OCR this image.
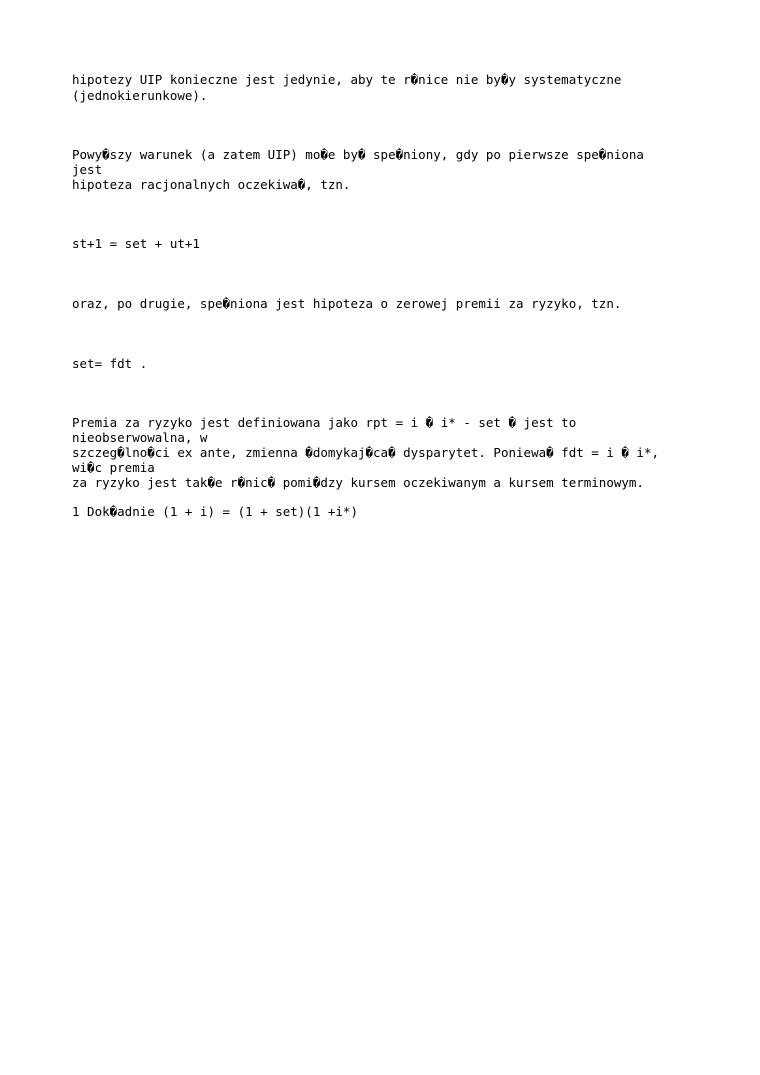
hipotezy UIP konieczne jest jedynie, aby te r�nice nie by�y systematyczne

(jednokierunkowe).

Powy�szy warunek (a zatem UIP) mo�e by� spe�niony, gdy po pierwsze spe�niona

jest

hipoteza racjonalnych oczekiwa�, tzn.

st+1 = set + ut+1

oraz, po drugie, spe�niona jest hipoteza o zerowej premii za ryzyko, tzn.

set= fdt .

Premia za ryzyko jest definiowana jako rpt = i � i* - set � jest to

nieobserwowalna, w

szczeg�lno�ci ex ante, zmienna �domykaj�ca� dysparytet. Poniewa� fdt = i � i*,

wi�c premia

za ryzyko jest tak�e r�nic� pomi�dzy kursem oczekiwanym a kursem terminowym.

1 Dok�adnie (1 + i) = (1 + set)(1 +i*)
